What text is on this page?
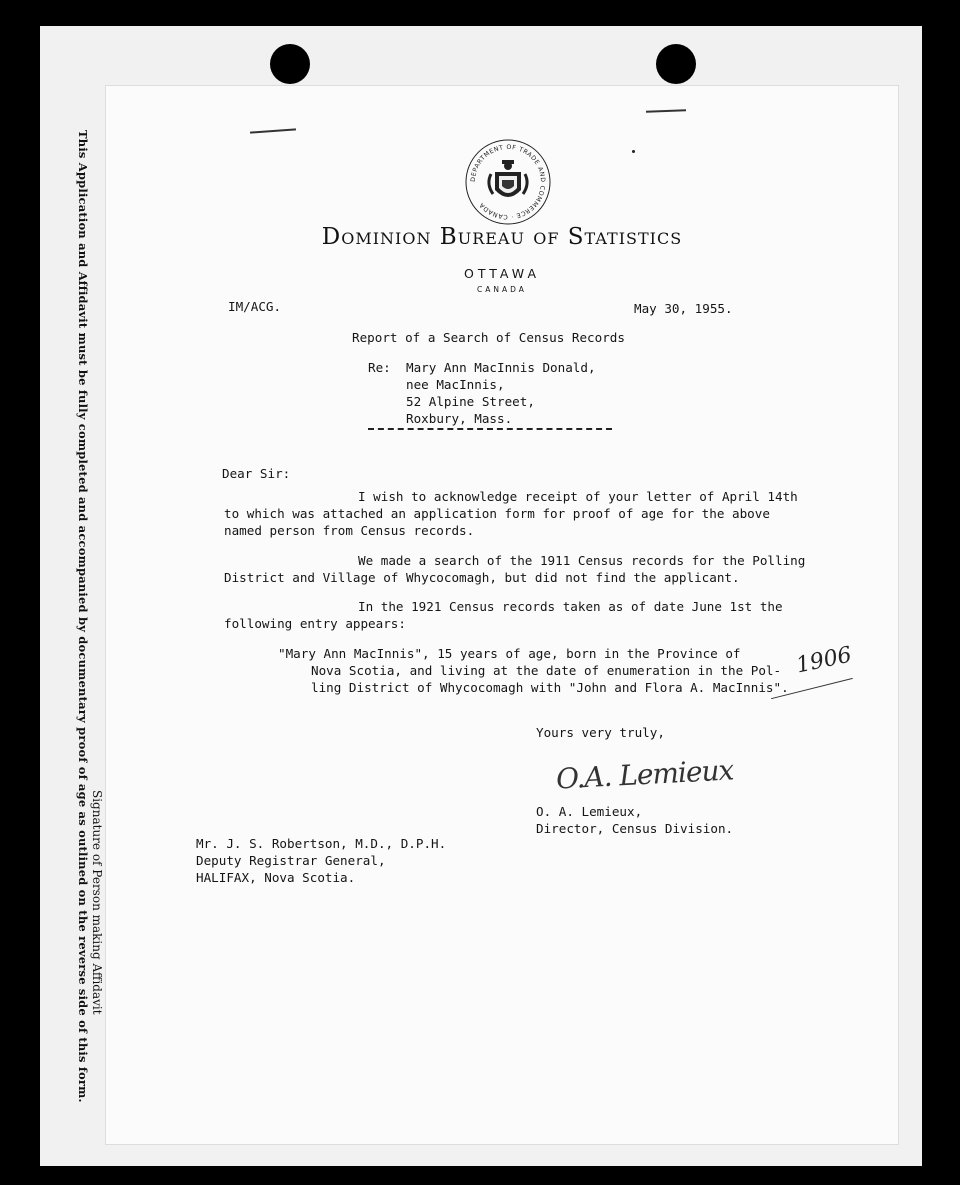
This Application and Affidavit must be fully completed and accompanied by documentary proof of age as outlined on the reverse side of this form. Signature of Person making Affidavit
DEPARTMENT OF TRADE AND COMMERCE · CANADA
Dominion Bureau of Statistics
OTTAWA
CANADA
IM/ACG.	May 30, 1955.
Report of a Search of Census Records
Re: Mary Ann MacInnis Donald,
nee MacInnis,
52 Alpine Street,
Roxbury, Mass.
Dear Sir:
I wish to acknowledge receipt of your letter of April 14th
to which was attached an application form for proof of age for the above
named person from Census records.
We made a search of the 1911 Census records for the Polling
District and Village of Whycocomagh, but did not find the applicant.
In the 1921 Census records taken as of date June 1st the
following entry appears:
"Mary Ann MacInnis", 15 years of age, born in the Province of
Nova Scotia, and living at the date of enumeration in the Pol-
ling District of Whycocomagh with "John and Flora A. MacInnis".
1906
Yours very truly,
O.A. Lemieux
O. A. Lemieux,
Director, Census Division.
Mr. J. S. Robertson, M.D., D.P.H.
Deputy Registrar General,
HALIFAX, Nova Scotia.
